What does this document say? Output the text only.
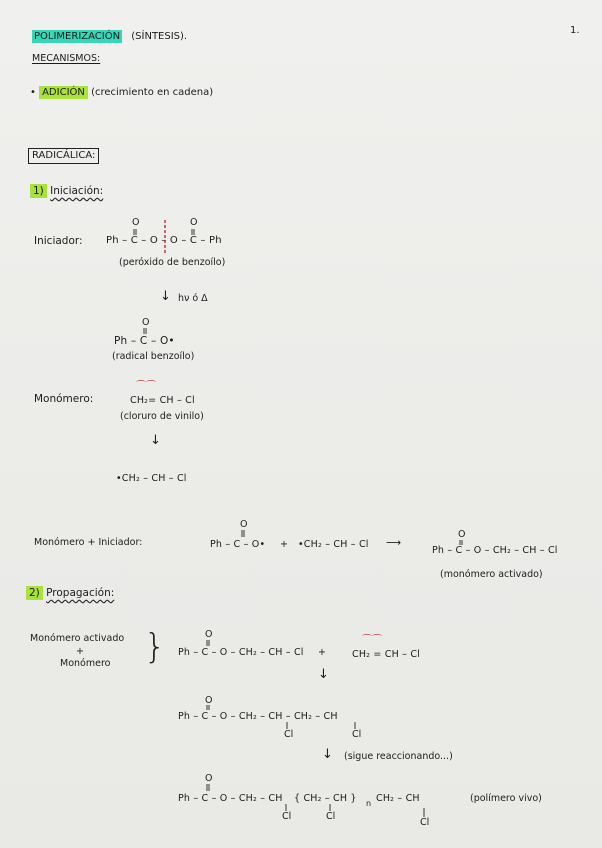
POLIMERIZACIÓN (SÍNTESIS).
1.
MECANISMOS:
• ADICIÓN (crecimiento en cadena)
RADICÁLICA:
1) Iniciación:
Iniciador: Ph – C – O – O – C – Ph
O	O
(peróxido de benzoílo)
↓ hν ó Δ
O
Ph – C – O•
(radical benzoílo)
Monómero:
⌒⌒
CH₂= CH – Cl
(cloruro de vinilo)
↓
•CH₂ – CH – Cl
Monómero + Iniciador:
O
Ph – C – O• + •CH₂ – CH – Cl ⟶
O
Ph – C – O – CH₂ – CH – Cl
(monómero activado)
2) Propagación:
Monómero activado
+
Monómero }	O
Ph – C – O – CH₂ – CH – Cl +
⌒⌒
CH₂ = CH – Cl
↓
O
Ph – C – O – CH₂ – CH – CH₂ – CH
Cl	Cl
↓ (sigue reaccionando...)
O
Ph – C – O – CH₂ – CH { CH₂ – CH } n CH₂ – CH
Cl	Cl
Cl
(polímero vivo)
